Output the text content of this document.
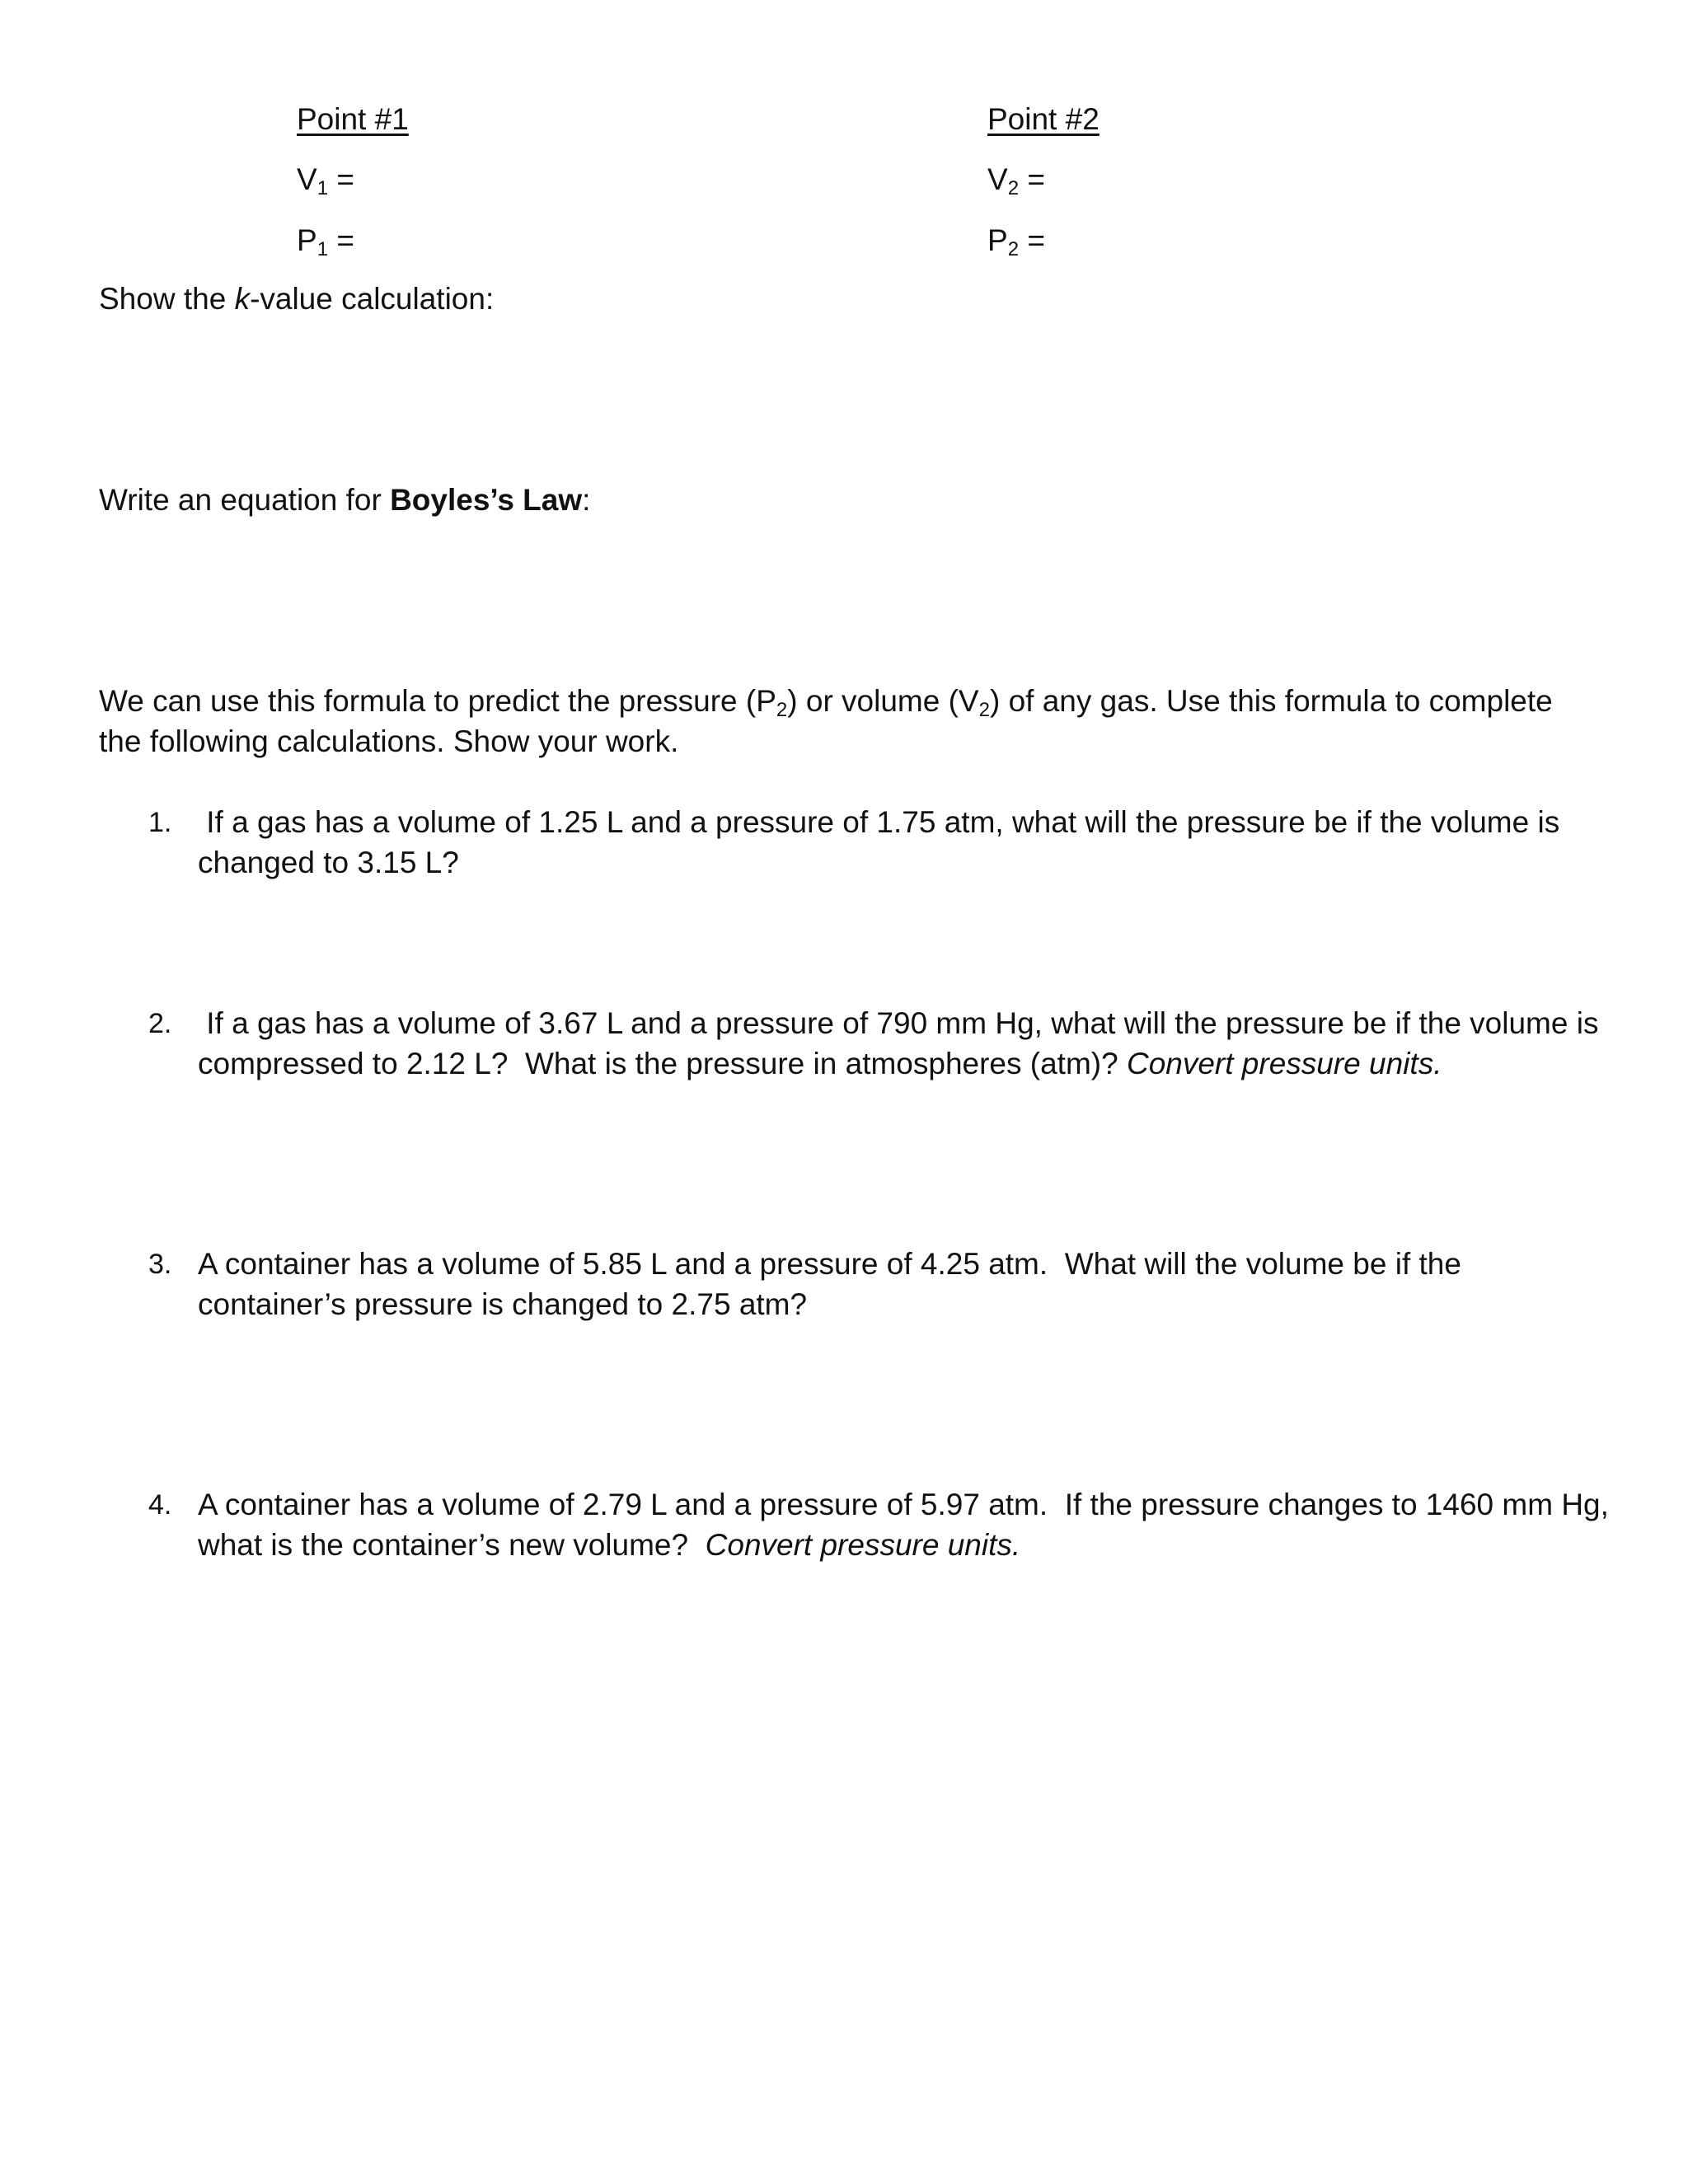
Point #1
$V_1$ =
$P_1$ =
Point #2
$V_2$ =
$P_2$ =
Show the k-value calculation:
Write an equation for Boyles’s Law:
We can use this formula to predict the pressure $(P_2)$ or volume $(V_2)$ of any gas. Use this formula to complete
the following calculations. Show your work.
1. If a gas has a volume of 1.25 L and a pressure of 1.75 atm, what will the pressure be if the volume is
changed to 3.15 L?
2. If a gas has a volume of 3.67 L and a pressure of 790 mm Hg, what will the pressure be if the volume is
compressed to 2.12 L?  What is the pressure in atmospheres (atm)? Convert pressure units.
3. A container has a volume of 5.85 L and a pressure of 4.25 atm.  What will the volume be if the
container’s pressure is changed to 2.75 atm?
4. A container has a volume of 2.79 L and a pressure of 5.97 atm.  If the pressure changes to 1460 mm Hg,
what is the container’s new volume?  Convert pressure units.
